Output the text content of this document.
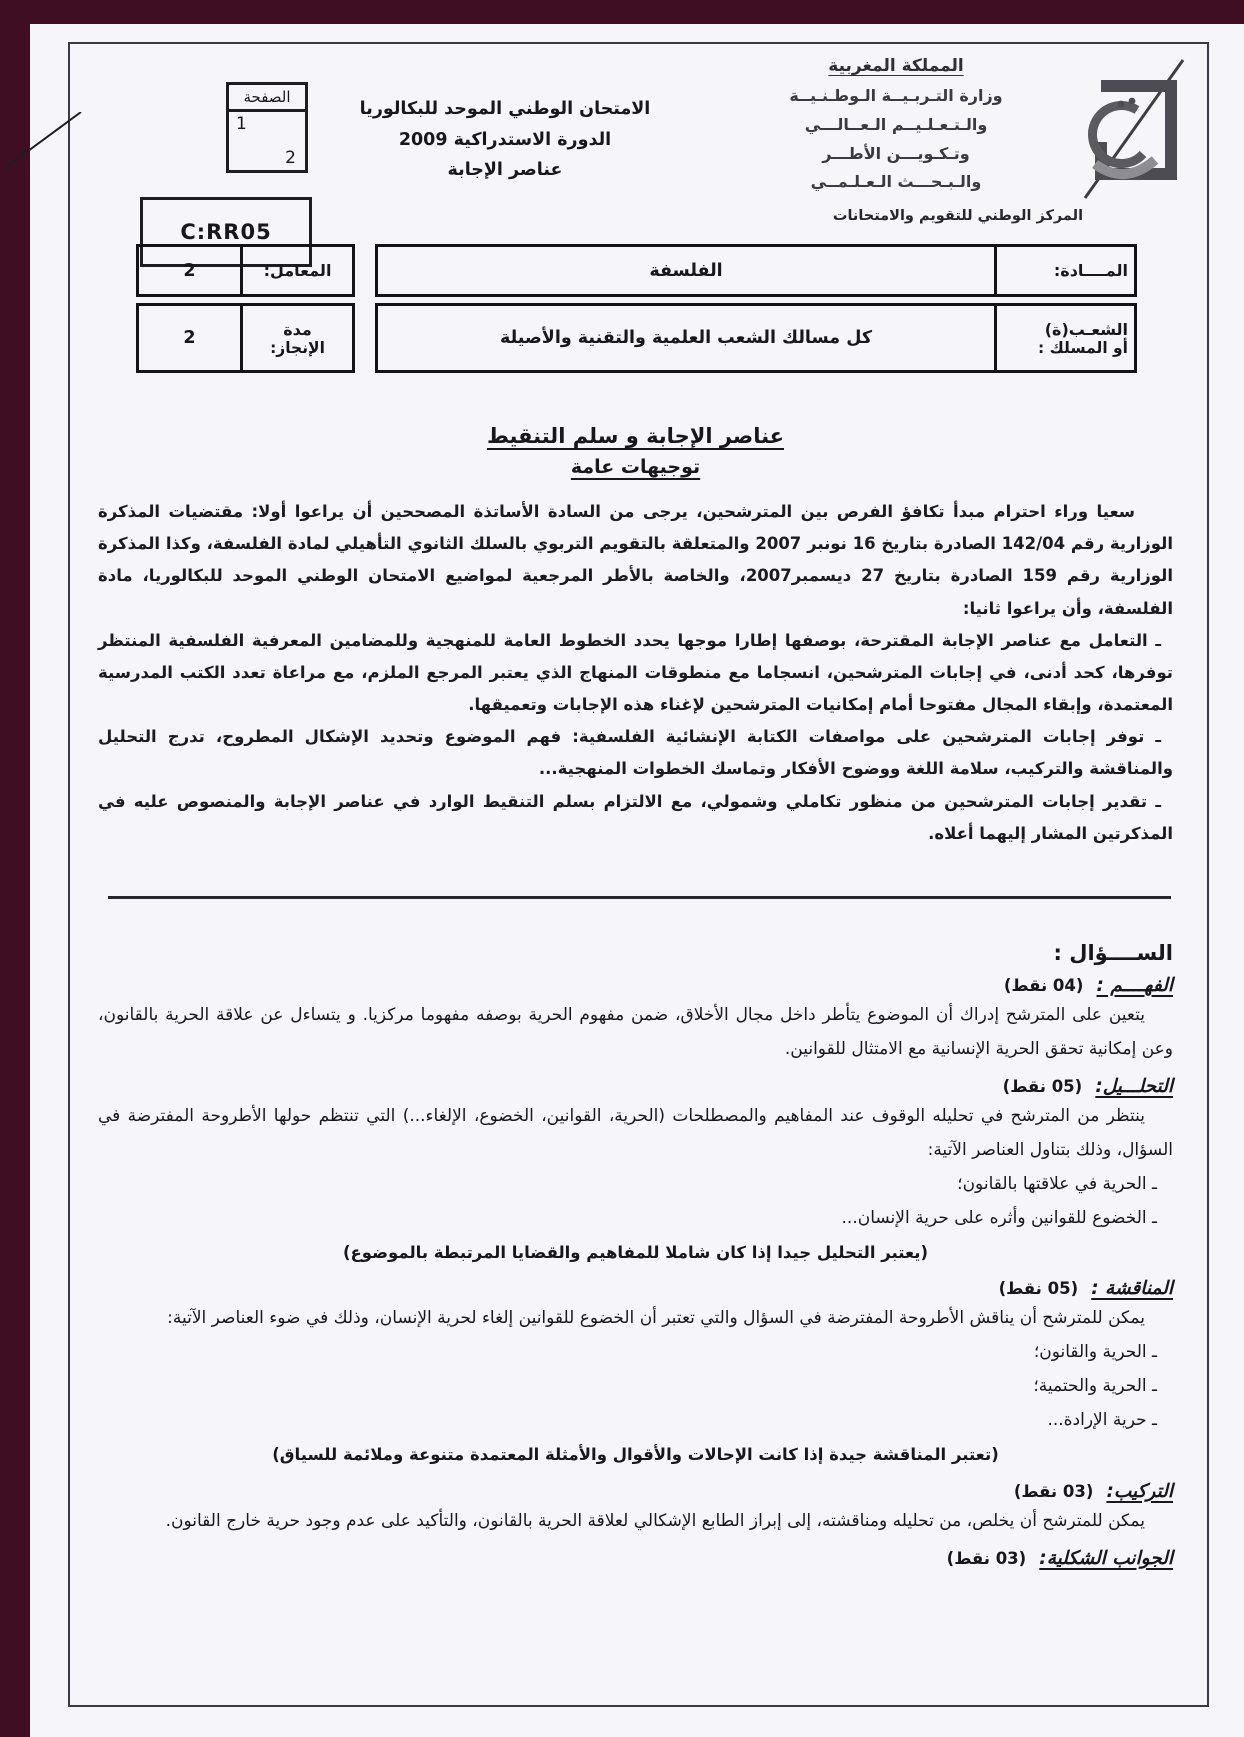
المملكة المغربية
وزارة التـربـيــة الـوطـنـيــة
والـتـعـلـيــم الـعــالـــي
وتـكـويـــن الأطـــر
والـبـحـــث الـعـلـمــي
المركز الوطني للتقويم والامتحانات
الامتحان الوطني الموحد للبكالوريا
الدورة الاستدراكية 2009
عناصر الإجابة
الصفحة
1
2
C:RR05
المــــادة:
الفلسفة
المعامل:
2
الشعـب(ة)
أو المسلك :
كل مسالك الشعب العلمية والتقنية والأصيلة
مدة
الإنجاز:
2
عناصر الإجابة و سلم التنقيط
توجيهات عامة

سعيا وراء احترام مبدأ تكافؤ الفرص بين المترشحين، يرجى من السادة الأساتذة المصححين أن يراعوا أولا: مقتضيات المذكرة الوزارية رقم 142/04 الصادرة بتاريخ 16 نونبر 2007 والمتعلقة بالتقويم التربوي بالسلك الثانوي التأهيلي لمادة الفلسفة، وكذا المذكرة الوزارية رقم 159 الصادرة بتاريخ 27 ديسمبر2007، والخاصة بالأطر المرجعية لمواضيع الامتحان الوطني الموحد للبكالوريا، مادة الفلسفة، وأن يراعوا ثانيا:

ـ التعامل مع عناصر الإجابة المقترحة، بوصفها إطارا موجها يحدد الخطوط العامة للمنهجية وللمضامين المعرفية الفلسفية المنتظر توفرها، كحد أدنى، في إجابات المترشحين، انسجاما مع منطوقات المنهاج الذي يعتبر المرجع الملزم، مع مراعاة تعدد الكتب المدرسية المعتمدة، وإبقاء المجال مفتوحا أمام إمكانيات المترشحين لإغناء هذه الإجابات وتعميقها.

ـ توفر إجابات المترشحين على مواصفات الكتابة الإنشائية الفلسفية: فهم الموضوع وتحديد الإشكال المطروح، تدرج التحليل والمناقشة والتركيب، سلامة اللغة ووضوح الأفكار وتماسك الخطوات المنهجية...

ـ تقدير إجابات المترشحين من منظور تكاملي وشمولي، مع الالتزام بسلم التنقيط الوارد في عناصر الإجابة والمنصوص عليه في المذكرتين المشار إليهما أعلاه.

الســــؤال :

الفهــــم : (04 نقط)

يتعين على المترشح إدراك أن الموضوع يتأطر داخل مجال الأخلاق، ضمن مفهوم الحرية بوصفه مفهوما مركزيا. و يتساءل عن علاقة الحرية بالقانون، وعن إمكانية تحقق الحرية الإنسانية مع الامتثال للقوانين.

التحلـــيل: (05 نقط)

ينتظر من المترشح في تحليله الوقوف عند المفاهيم والمصطلحات (الحرية، القوانين، الخضوع، الإلغاء...) التي تنتظم حولها الأطروحة المفترضة في السؤال، وذلك بتناول العناصر الآتية:

ـ الحرية في علاقتها بالقانون؛

ـ الخضوع للقوانين وأثره على حرية الإنسان...

(يعتبر التحليل جيدا إذا كان شاملا للمفاهيم والقضايا المرتبطة بالموضوع)

المناقشة : (05 نقط)

يمكن للمترشح أن يناقش الأطروحة المفترضة في السؤال والتي تعتبر أن الخضوع للقوانين إلغاء لحرية الإنسان، وذلك في ضوء العناصر الآتية:

ـ الحرية والقانون؛

ـ الحرية والحتمية؛

ـ حرية الإرادة...

(تعتبر المناقشة جيدة إذا كانت الإحالات والأقوال والأمثلة المعتمدة متنوعة وملائمة للسياق)

التركيب: (03 نقط)

يمكن للمترشح أن يخلص، من تحليله ومناقشته، إلى إبراز الطابع الإشكالي لعلاقة الحرية بالقانون، والتأكيد على عدم وجود حرية خارج القانون.

الجوانب الشكلية: (03 نقط)
